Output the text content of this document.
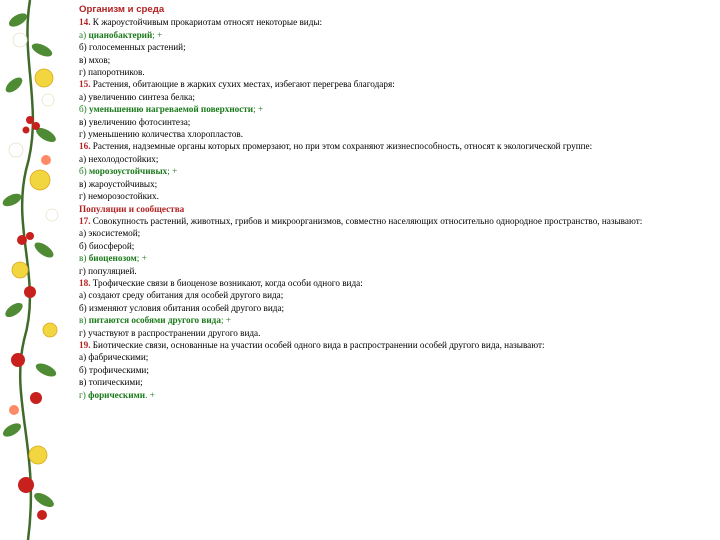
Организм и среда

14. К жароустойчивым прокариотам относят некоторые виды:

а) цианобактерий; +

б) голосеменных растений;

в) мхов;

г) папоротников.

15. Растения, обитающие в жарких сухих местах, избегают перегрева благодаря:

а) увеличению синтеза белка;

б) уменьшению нагреваемой поверхности; +

в) увеличению фотосинтеза;

г) уменьшению количества хлоропластов.

16. Растения, надземные органы которых промерзают, но при этом сохраняют жизнеспособность, относят к экологической группе:

а) нехолодостойких;

б) морозоустойчивых; +

в) жароустойчивых;

г) неморозостойких.

Популяции и сообщества

17. Совокупность растений, животных, грибов и микроорганизмов, совместно населяющих относительно однородное пространство, называют:

а) экосистемой;

б) биосферой;

в) биоценозом; +

г) популяцией.

18. Трофические связи в биоценозе возникают, когда особи одного вида:

а) создают среду обитания для особей другого вида;

б) изменяют условия обитания особей другого вида;

в) питаются особями другого вида; +

г) участвуют в распространении другого вида.

19. Биотические связи, основанные на участии особей одного вида в распространении особей другого вида, называют:

а) фабрическими;

б) трофическими;

в) топическими;

г) форическими. +
